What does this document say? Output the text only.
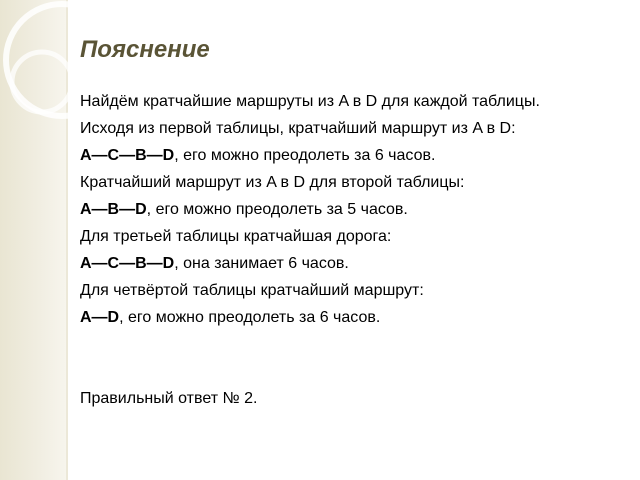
Пояснение
Найдём кратчайшие маршруты из A в D для каждой таблицы.
Исходя из первой таблицы, кратчайший маршрут из A в D:
A—C—B—D, его можно преодолеть за 6 часов.
Кратчайший маршрут из A в D для второй таблицы:
A—B—D, его можно преодолеть за 5 часов.
Для третьей таблицы кратчайшая дорога:
A—C—B—D, она занимает 6 часов.
Для четвёртой таблицы кратчайший маршрут:
A—D, его можно преодолеть за 6 часов.
Правильный ответ № 2.
